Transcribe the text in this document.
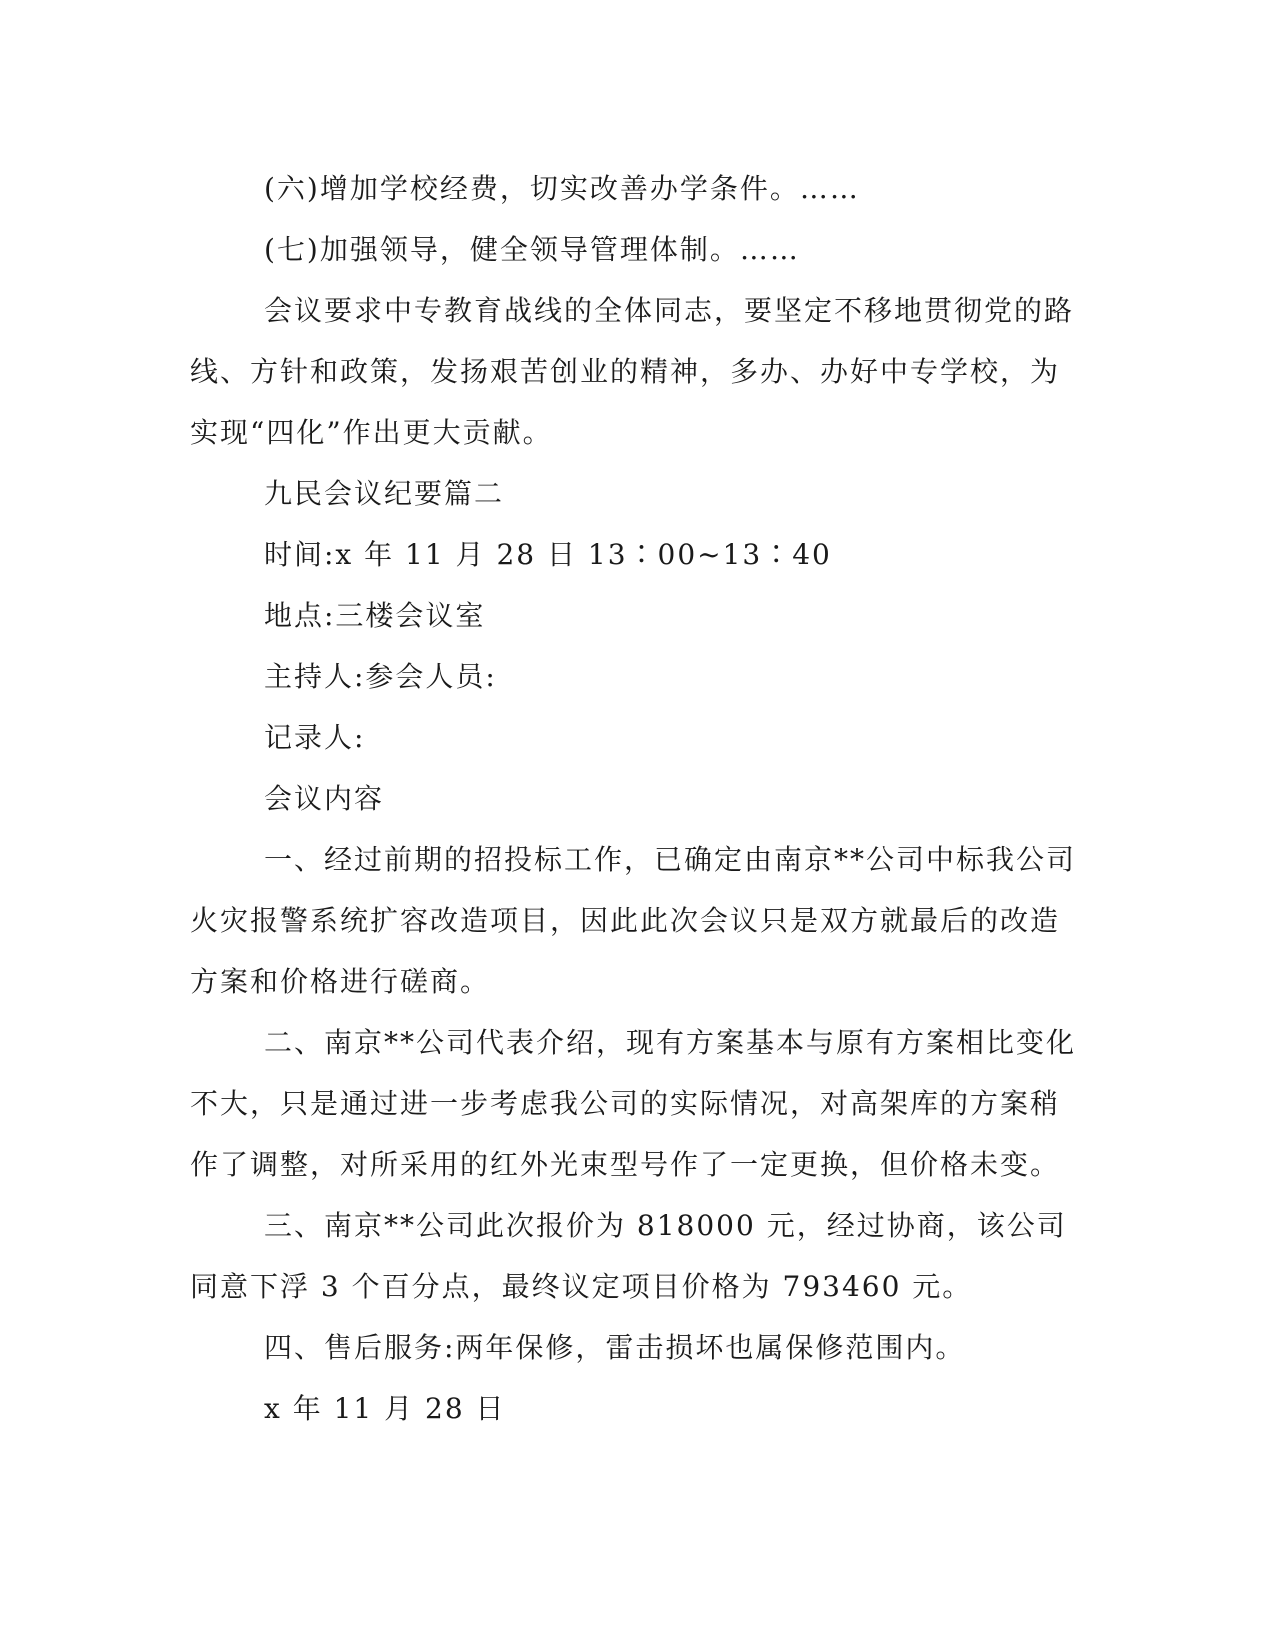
(六)增加学校经费，切实改善办学条件。……

(七)加强领导，健全领导管理体制。……

会议要求中专教育战线的全体同志，要坚定不移地贯彻党的路线、方针和政策，发扬艰苦创业的精神，多办、办好中专学校，为实现“四化”作出更大贡献。

九民会议纪要篇二

时间:x 年 11 月 28 日 13∶00~13∶40

地点:三楼会议室

主持人:参会人员:

记录人:

会议内容

一、经过前期的招投标工作，已确定由南京**公司中标我公司火灾报警系统扩容改造项目，因此此次会议只是双方就最后的改造方案和价格进行磋商。

二、南京**公司代表介绍，现有方案基本与原有方案相比变化不大，只是通过进一步考虑我公司的实际情况，对高架库的方案稍作了调整，对所采用的红外光束型号作了一定更换，但价格未变。

三、南京**公司此次报价为 818000 元，经过协商，该公司同意下浮 3 个百分点，最终议定项目价格为 793460 元。

四、售后服务:两年保修，雷击损坏也属保修范围内。

x 年 11 月 28 日
